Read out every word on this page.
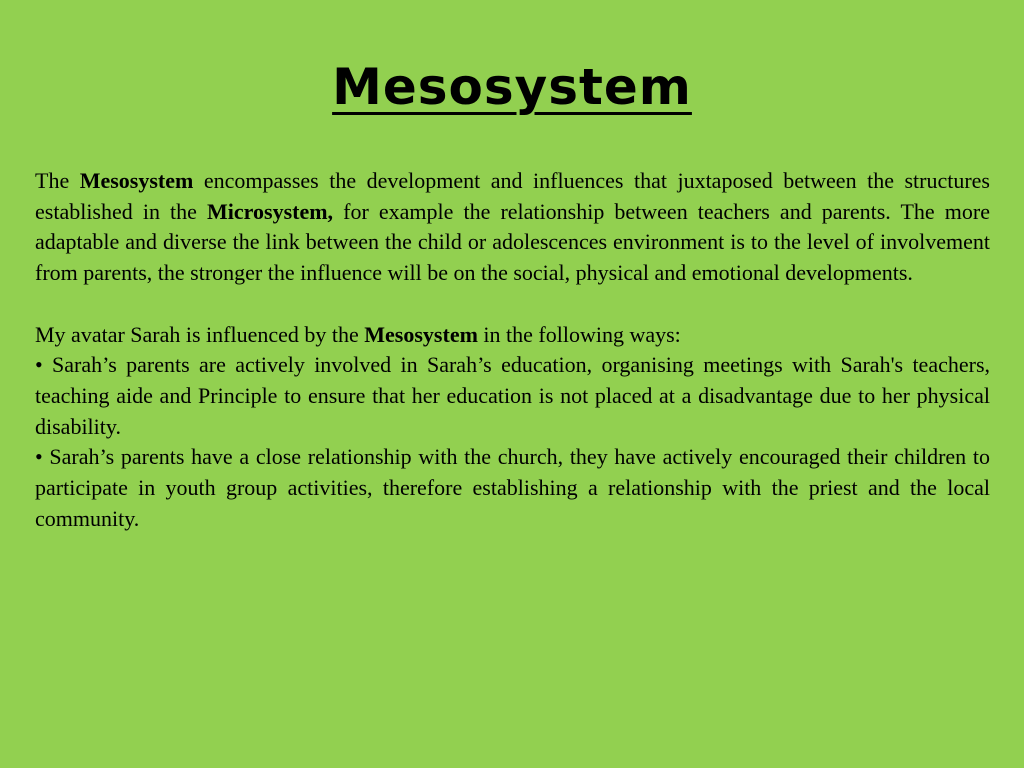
Mesosystem

The Mesosystem encompasses the development and influences that juxtaposed between the structures established in the Microsystem, for example the relationship between teachers and parents. The more adaptable and diverse the link between the child or adolescences environment is to the level of involvement from parents, the stronger the influence will be on the social, physical and emotional developments.

My avatar Sarah is influenced by the Mesosystem in the following ways:

• Sarah’s parents are actively involved in Sarah’s education, organising meetings with Sarah's teachers, teaching aide and Principle to ensure that her education is not placed at a disadvantage due to her physical disability.

• Sarah’s parents have a close relationship with the church, they have actively encouraged their children to participate in youth group activities, therefore establishing a relationship with the priest and the local community.
